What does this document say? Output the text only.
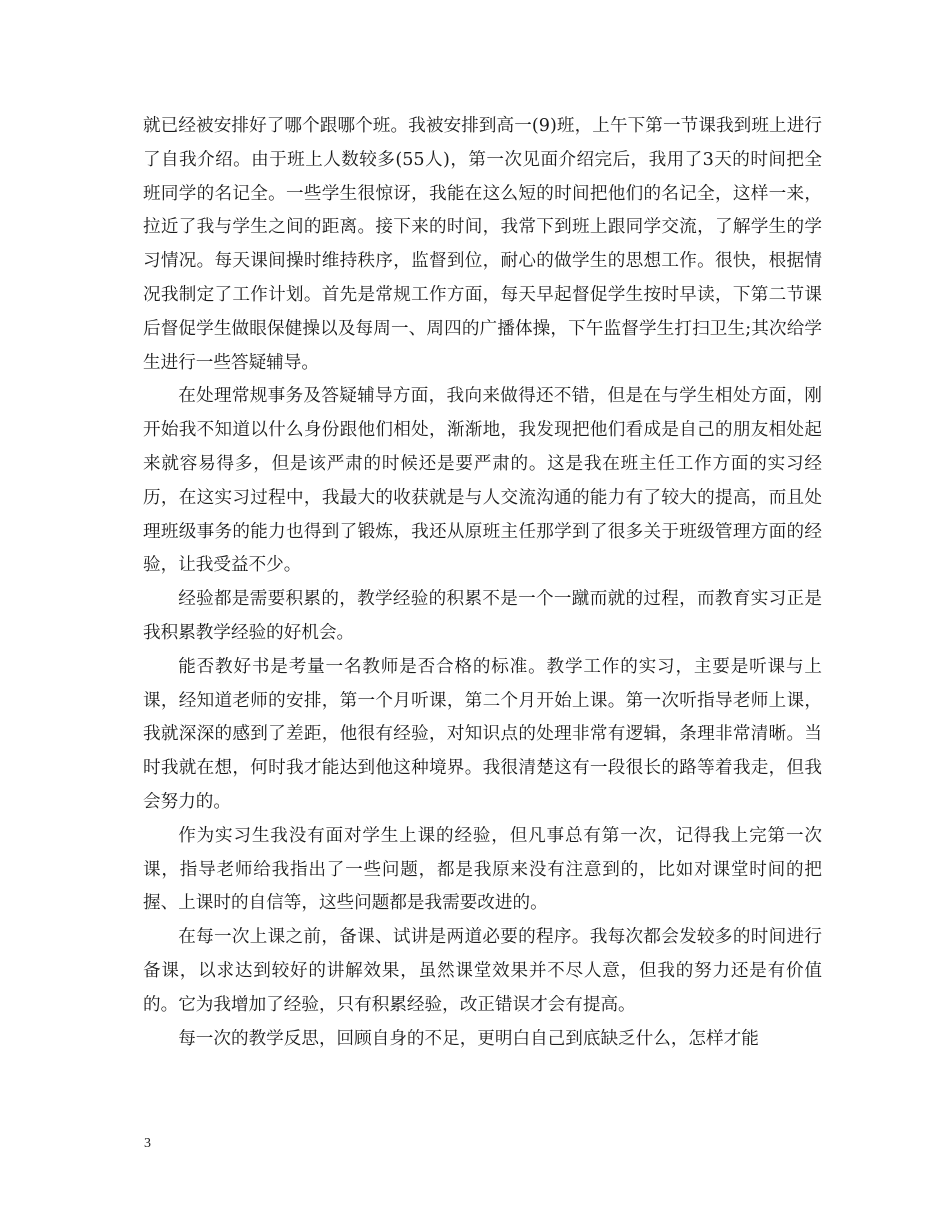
就已经被安排好了哪个跟哪个班。我被安排到高一(9)班，上午下第一节课我到班上进行了自我介绍。由于班上人数较多(55人)，第一次见面介绍完后，我用了3天的时间把全班同学的名记全。一些学生很惊讶，我能在这么短的时间把他们的名记全，这样一来，拉近了我与学生之间的距离。接下来的时间，我常下到班上跟同学交流，了解学生的学习情况。每天课间操时维持秩序，监督到位，耐心的做学生的思想工作。很快，根据情况我制定了工作计划。首先是常规工作方面，每天早起督促学生按时早读，下第二节课后督促学生做眼保健操以及每周一、周四的广播体操，下午监督学生打扫卫生;其次给学生进行一些答疑辅导。

在处理常规事务及答疑辅导方面，我向来做得还不错，但是在与学生相处方面，刚开始我不知道以什么身份跟他们相处，渐渐地，我发现把他们看成是自己的朋友相处起来就容易得多，但是该严肃的时候还是要严肃的。这是我在班主任工作方面的实习经历，在这实习过程中，我最大的收获就是与人交流沟通的能力有了较大的提高，而且处理班级事务的能力也得到了锻炼，我还从原班主任那学到了很多关于班级管理方面的经验，让我受益不少。

经验都是需要积累的，教学经验的积累不是一个一蹴而就的过程，而教育实习正是我积累教学经验的好机会。

能否教好书是考量一名教师是否合格的标准。教学工作的实习，主要是听课与上课，经知道老师的安排，第一个月听课，第二个月开始上课。第一次听指导老师上课，我就深深的感到了差距，他很有经验，对知识点的处理非常有逻辑，条理非常清晰。当时我就在想，何时我才能达到他这种境界。我很清楚这有一段很长的路等着我走，但我会努力的。

作为实习生我没有面对学生上课的经验，但凡事总有第一次，记得我上完第一次课，指导老师给我指出了一些问题，都是我原来没有注意到的，比如对课堂时间的把握、上课时的自信等，这些问题都是我需要改进的。

在每一次上课之前，备课、试讲是两道必要的程序。我每次都会发较多的时间进行备课，以求达到较好的讲解效果，虽然课堂效果并不尽人意，但我的努力还是有价值的。它为我增加了经验，只有积累经验，改正错误才会有提高。

每一次的教学反思，回顾自身的不足，更明白自己到底缺乏什么，怎样才能

3
